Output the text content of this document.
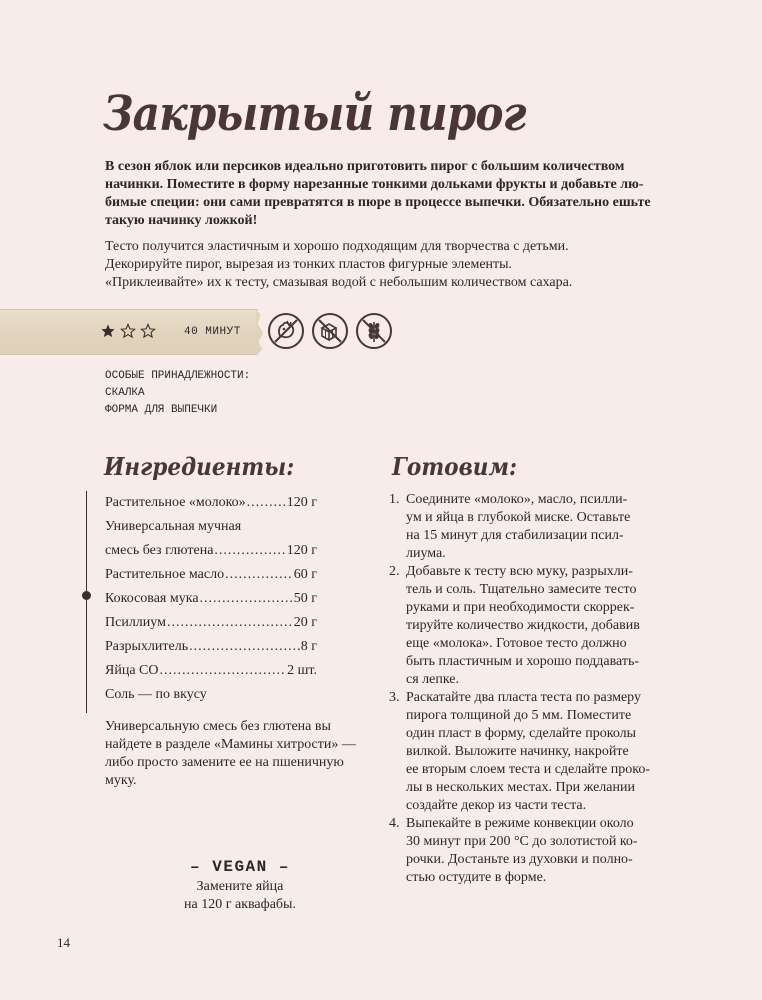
Закрытый пирог

В сезон яблок или персиков идеально приготовить пирог с большим количеством

начинки. Поместите в форму нарезанные тонкими дольками фрукты и добавьте лю-

бимые специи: они сами превратятся в пюре в процессе выпечки. Обязательно ешьте

такую начинку ложкой!

Тесто получится эластичным и хорошо подходящим для творчества с детьми.

Декорируйте пирог, вырезая из тонких пластов фигурные элементы.

«Приклеивайте» их к тесту, смазывая водой с небольшим количеством сахара.

40 МИНУТ
ОСОБЫЕ ПРИНАДЛЕЖНОСТИ:
СКАЛКА
ФОРМА ДЛЯ ВЫПЕЧКИ
Ингредиенты:	Готовим:
Растительное «молоко» .....	120 г
Универсальная мучная
смесь без глютена .....	120 г
Растительное масло .....	60 г
Кокосовая мука .....	50 г
Псиллиум .....	20 г
Разрыхлитель .....	8 г
Яйца СО .....	2 шт.
Соль — по вкусу
Универсальную смесь без глютена вы
найдете в разделе «Мамины хитрости» —
либо просто замените ее на пшеничную
муку.
1. Соедините «молоко», масло, псилли-
ум и яйца в глубокой миске. Оставьте
на 15 минут для стабилизации псил-
лиума.
2. Добавьте к тесту всю муку, разрыхли-
тель и соль. Тщательно замесите тесто
руками и при необходимости скоррек-
тируйте количество жидкости, добавив
еще «молока». Готовое тесто должно
быть пластичным и хорошо поддавать-
ся лепке.
3. Раскатайте два пласта теста по размеру
пирога толщиной до 5 мм. Поместите
один пласт в форму, сделайте проколы
вилкой. Выложите начинку, накройте
ее вторым слоем теста и сделайте проко-
лы в нескольких местах. При желании
создайте декор из части теста.
4. Выпекайте в режиме конвекции около
30 минут при 200 °С до золотистой ко-
рочки. Достаньте из духовки и полно-
стью остудите в форме.
– VEGAN –
Замените яйца
на 120 г аквафабы.
14
